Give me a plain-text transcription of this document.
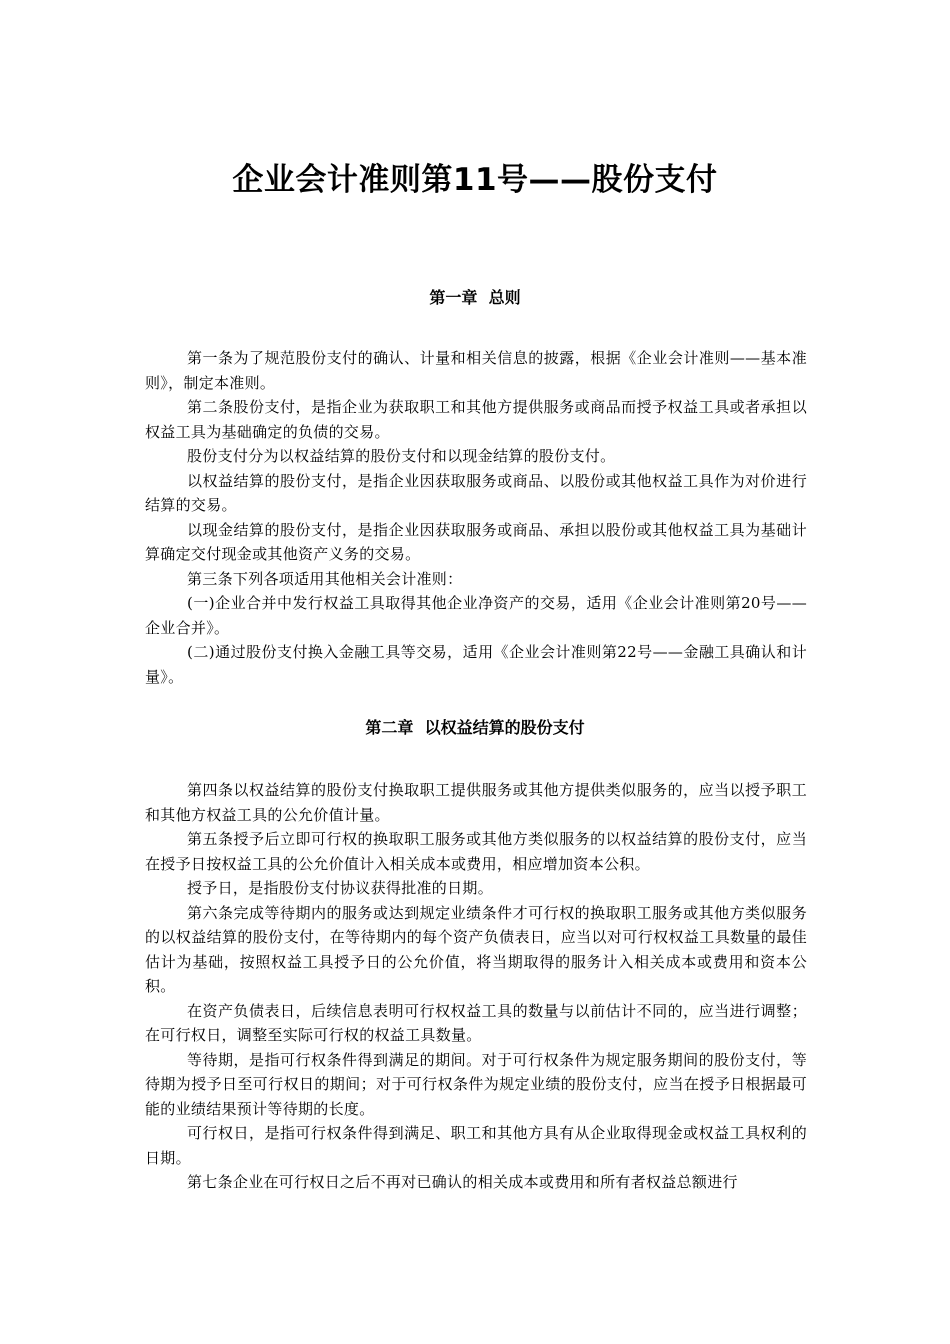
企业会计准则第11号——股份支付
第一章  总则

第一条为了规范股份支付的确认、计量和相关信息的披露，根据《企业会计准则——基本准则》，制定本准则。

第二条股份支付，是指企业为获取职工和其他方提供服务或商品而授予权益工具或者承担以权益工具为基础确定的负债的交易。

股份支付分为以权益结算的股份支付和以现金结算的股份支付。

以权益结算的股份支付，是指企业因获取服务或商品、以股份或其他权益工具作为对价进行结算的交易。

以现金结算的股份支付，是指企业因获取服务或商品、承担以股份或其他权益工具为基础计算确定交付现金或其他资产义务的交易。

第三条下列各项适用其他相关会计准则：

(一)企业合并中发行权益工具取得其他企业净资产的交易，适用《企业会计准则第20号——企业合并》。

(二)通过股份支付换入金融工具等交易，适用《企业会计准则第22号——金融工具确认和计量》。

第二章  以权益结算的股份支付

第四条以权益结算的股份支付换取职工提供服务或其他方提供类似服务的，应当以授予职工和其他方权益工具的公允价值计量。

第五条授予后立即可行权的换取职工服务或其他方类似服务的以权益结算的股份支付，应当在授予日按权益工具的公允价值计入相关成本或费用，相应增加资本公积。

授予日，是指股份支付协议获得批准的日期。

第六条完成等待期内的服务或达到规定业绩条件才可行权的换取职工服务或其他方类似服务的以权益结算的股份支付，在等待期内的每个资产负债表日，应当以对可行权权益工具数量的最佳估计为基础，按照权益工具授予日的公允价值，将当期取得的服务计入相关成本或费用和资本公积。

在资产负债表日，后续信息表明可行权权益工具的数量与以前估计不同的，应当进行调整；在可行权日，调整至实际可行权的权益工具数量。

等待期，是指可行权条件得到满足的期间。对于可行权条件为规定服务期间的股份支付，等待期为授予日至可行权日的期间；对于可行权条件为规定业绩的股份支付，应当在授予日根据最可能的业绩结果预计等待期的长度。

可行权日，是指可行权条件得到满足、职工和其他方具有从企业取得现金或权益工具权利的日期。

第七条企业在可行权日之后不再对已确认的相关成本或费用和所有者权益总额进行
